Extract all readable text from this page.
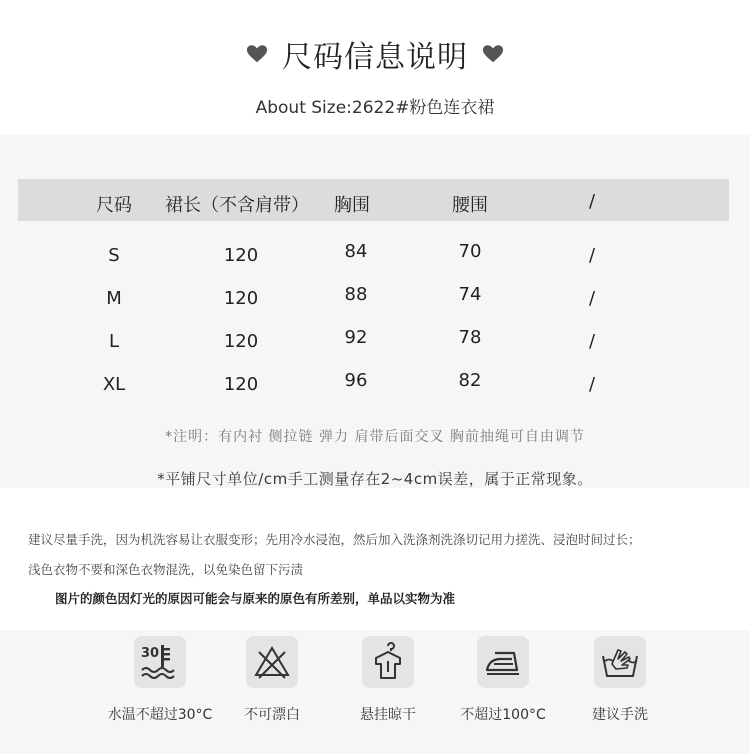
尺码信息说明
About Size:2622#粉色连衣裙
尺码 裙长（不含肩带） 胸围	腰围	/
S	120	84	70	/
M	120	88	74	/
L	120	92	78	/
XL	120	96	82	/
*注明：有内衬 侧拉链 弹力 肩带后面交叉 胸前抽绳可自由调节
*平铺尺寸单位/cm手工测量存在2~4cm误差，属于正常现象。
建议尽量手洗，因为机洗容易让衣服变形；先用冷水浸泡，然后加入洗涤剂洗涤切记用力搓洗、浸泡时间过长；
浅色衣物不要和深色衣物混洗，以免染色留下污渍
图片的颜色因灯光的原因可能会与原来的原色有所差别，单品以实物为准
30
水温不超过30°C 不可漂白	悬挂晾干	不超过100°C	建议手洗
